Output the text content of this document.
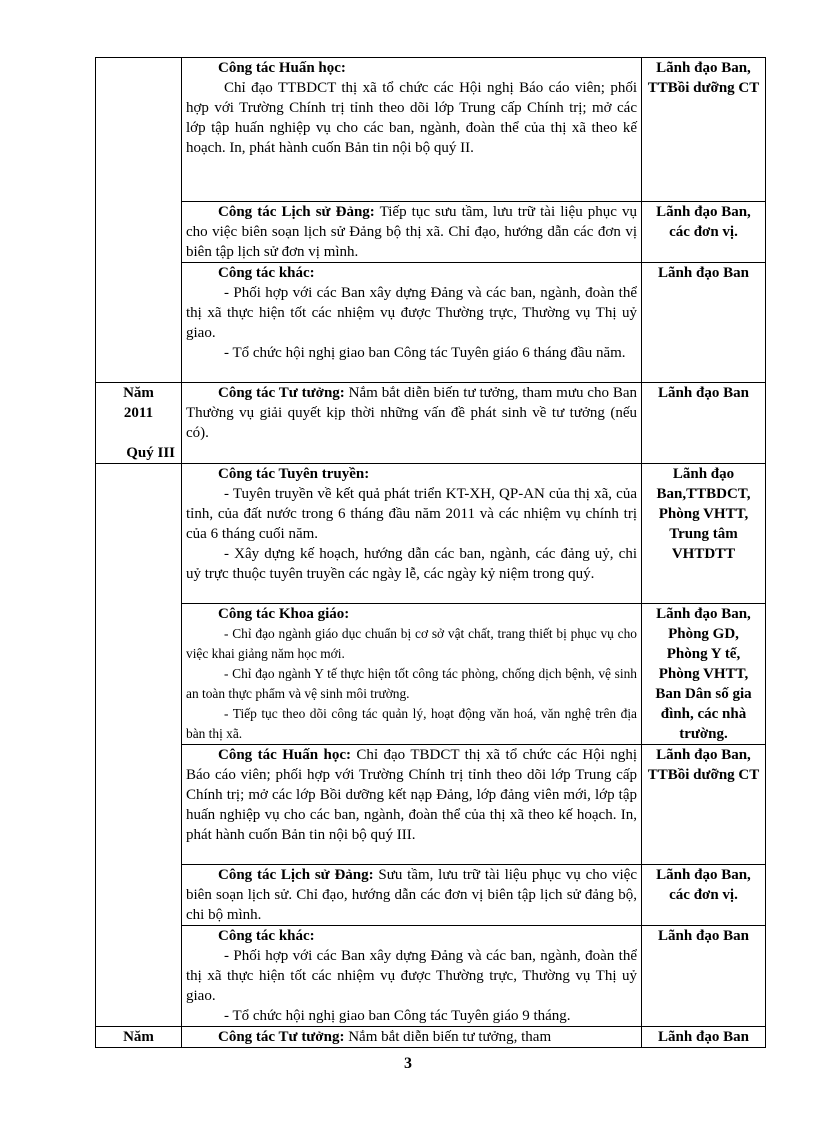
	Công tác Huấn học:

Chỉ đạo TTBDCT thị xã tổ chức các Hội nghị Báo cáo viên; phối hợp với Trường Chính trị tỉnh theo dõi lớp Trung cấp Chính trị; mở các lớp tập huấn nghiệp vụ cho các ban, ngành, đoàn thể của thị xã theo kế hoạch. In, phát hành cuốn Bản tin nội bộ quý II.	Lãnh đạo Ban, TTBồi dưỡng CT

	Công tác Lịch sử Đảng: Tiếp tục sưu tầm, lưu trữ tài liệu phục vụ cho việc biên soạn lịch sử Đảng bộ thị xã. Chỉ đạo, hướng dẫn các đơn vị biên tập lịch sử đơn vị mình.	Lãnh đạo Ban, các đơn vị.

	Công tác khác:

- Phối hợp với các Ban xây dựng Đảng và các ban, ngành, đoàn thể thị xã thực hiện tốt các nhiệm vụ được Thường trực, Thường vụ Thị uỷ giao.

- Tổ chức hội nghị giao ban Công tác Tuyên giáo 6 tháng đầu năm.	Lãnh đạo Ban

Năm
2011
Quý III	Công tác Tư tưởng: Nắm bắt diễn biến tư tưởng, tham mưu cho Ban Thường vụ giải quyết kịp thời những vấn đề phát sinh về tư tưởng (nếu có).	Lãnh đạo Ban

	Công tác Tuyên truyền:

- Tuyên truyền về kết quả phát triển KT-XH, QP-AN của thị xã, của tỉnh, của đất nước trong 6 tháng đầu năm 2011 và các nhiệm vụ chính trị của 6 tháng cuối năm.

- Xây dựng kế hoạch, hướng dẫn các ban, ngành, các đảng uỷ, chi uỷ trực thuộc tuyên truyền các ngày lễ, các ngày kỷ niệm trong quý.	Lãnh đạo Ban,TTBDCT, Phòng VHTT, Trung tâm VHTDTT

	Công tác Khoa giáo:

- Chỉ đạo ngành giáo dục chuẩn bị cơ sở vật chất, trang thiết bị phục vụ cho việc khai giảng năm học mới.

- Chỉ đạo ngành Y tế thực hiện tốt công tác phòng, chống dịch bệnh, vệ sinh an toàn thực phẩm và vệ sinh môi trường.

- Tiếp tục theo dõi công tác quản lý, hoạt động văn hoá, văn nghệ trên địa bàn thị xã.	Lãnh đạo Ban, Phòng GD, Phòng Y tế, Phòng VHTT, Ban Dân số gia đình, các nhà trường.

	Công tác Huấn học: Chỉ đạo TBDCT thị xã tổ chức các Hội nghị Báo cáo viên; phối hợp với Trường Chính trị tỉnh theo dõi lớp Trung cấp Chính trị; mở các lớp Bồi dưỡng kết nạp Đảng, lớp đảng viên mới, lớp tập huấn nghiệp vụ cho các ban, ngành, đoàn thể của thị xã theo kế hoạch. In, phát hành cuốn Bản tin nội bộ quý III.	Lãnh đạo Ban, TTBồi dưỡng CT

	Công tác Lịch sử Đảng: Sưu tầm, lưu trữ tài liệu phục vụ cho việc biên soạn lịch sử. Chỉ đạo, hướng dẫn các đơn vị biên tập lịch sử đảng bộ, chi bộ mình.	Lãnh đạo Ban, các đơn vị.

	Công tác khác:

- Phối hợp với các Ban xây dựng Đảng và các ban, ngành, đoàn thể thị xã thực hiện tốt các nhiệm vụ được Thường trực, Thường vụ Thị uỷ giao.

- Tổ chức hội nghị giao ban Công tác Tuyên giáo 9 tháng.	Lãnh đạo Ban

Năm	Công tác Tư tưởng: Nắm bắt diễn biến tư tưởng, tham	Lãnh đạo Ban
3
